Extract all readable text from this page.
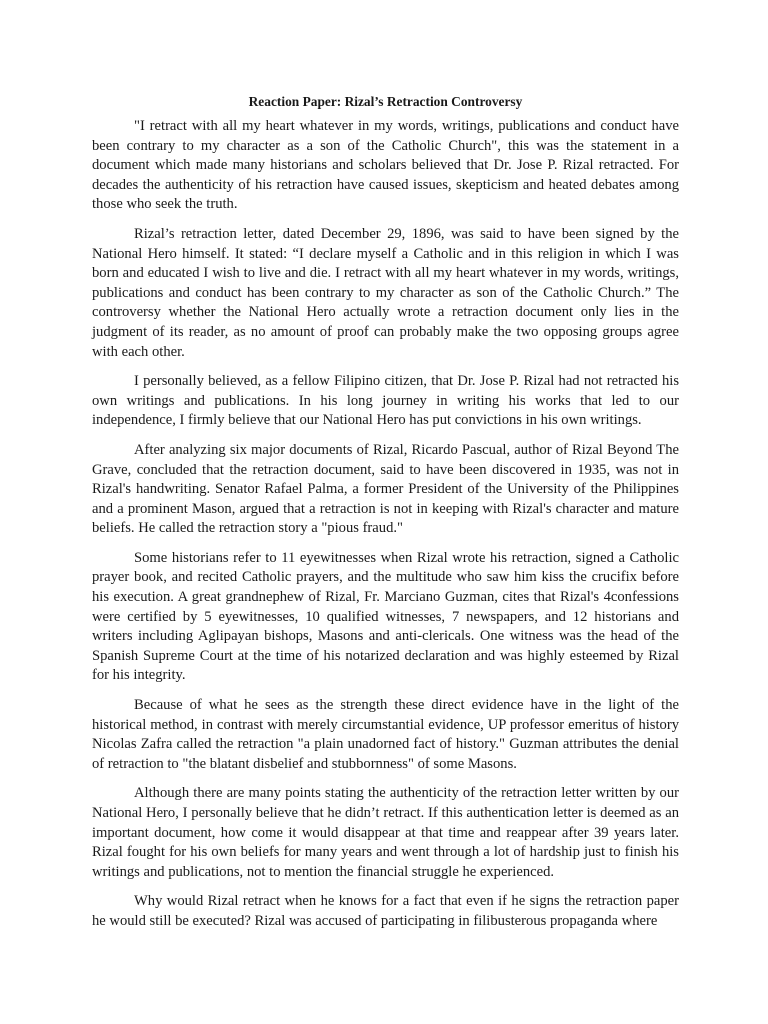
Reaction Paper: Rizal’s Retraction Controversy

"I retract with all my heart whatever in my words, writings, publications and conduct have been contrary to my character as a son of the Catholic Church", this was the statement in a document which made many historians and scholars believed that Dr. Jose P. Rizal retracted. For decades the authenticity of his retraction have caused issues, skepticism and heated debates among those who seek the truth.

Rizal’s retraction letter, dated December 29, 1896, was said to have been signed by the National Hero himself. It stated: “I declare myself a Catholic and in this religion in which I was born and educated I wish to live and die. I retract with all my heart whatever in my words, writings, publications and conduct has been contrary to my character as son of the Catholic Church.” The controversy whether the National Hero actually wrote a retraction document only lies in the judgment of its reader, as no amount of proof can probably make the two opposing groups agree with each other.

I personally believed, as a fellow Filipino citizen, that Dr. Jose P. Rizal had not retracted his own writings and publications. In his long journey in writing his works that led to our independence, I firmly believe that our National Hero has put convictions in his own writings.

After analyzing six major documents of Rizal, Ricardo Pascual, author of Rizal Beyond The Grave, concluded that the retraction document, said to have been discovered in 1935, was not in Rizal's handwriting. Senator Rafael Palma, a former President of the University of the Philippines and a prominent Mason, argued that a retraction is not in keeping with Rizal's character and mature beliefs. He called the retraction story a "pious fraud."

Some historians refer to 11 eyewitnesses when Rizal wrote his retraction, signed a Catholic prayer book, and recited Catholic prayers, and the multitude who saw him kiss the crucifix before his execution. A great grandnephew of Rizal, Fr. Marciano Guzman, cites that Rizal's 4confessions were certified by 5 eyewitnesses, 10 qualified witnesses, 7 newspapers, and 12 historians and writers including Aglipayan bishops, Masons and anti-clericals. One witness was the head of the Spanish Supreme Court at the time of his notarized declaration and was highly esteemed by Rizal for his integrity.

Because of what he sees as the strength these direct evidence have in the light of the historical method, in contrast with merely circumstantial evidence, UP professor emeritus of history Nicolas Zafra called the retraction "a plain unadorned fact of history." Guzman attributes the denial of retraction to "the blatant disbelief and stubbornness" of some Masons.

Although there are many points stating the authenticity of the retraction letter written by our National Hero, I personally believe that he didn’t retract. If this authentication letter is deemed as an important document, how come it would disappear at that time and reappear after 39 years later. Rizal fought for his own beliefs for many years and went through a lot of hardship just to finish his writings and publications, not to mention the financial struggle he experienced.

Why would Rizal retract when he knows for a fact that even if he signs the retraction paper he would still be executed? Rizal was accused of participating in filibusterous propaganda where
